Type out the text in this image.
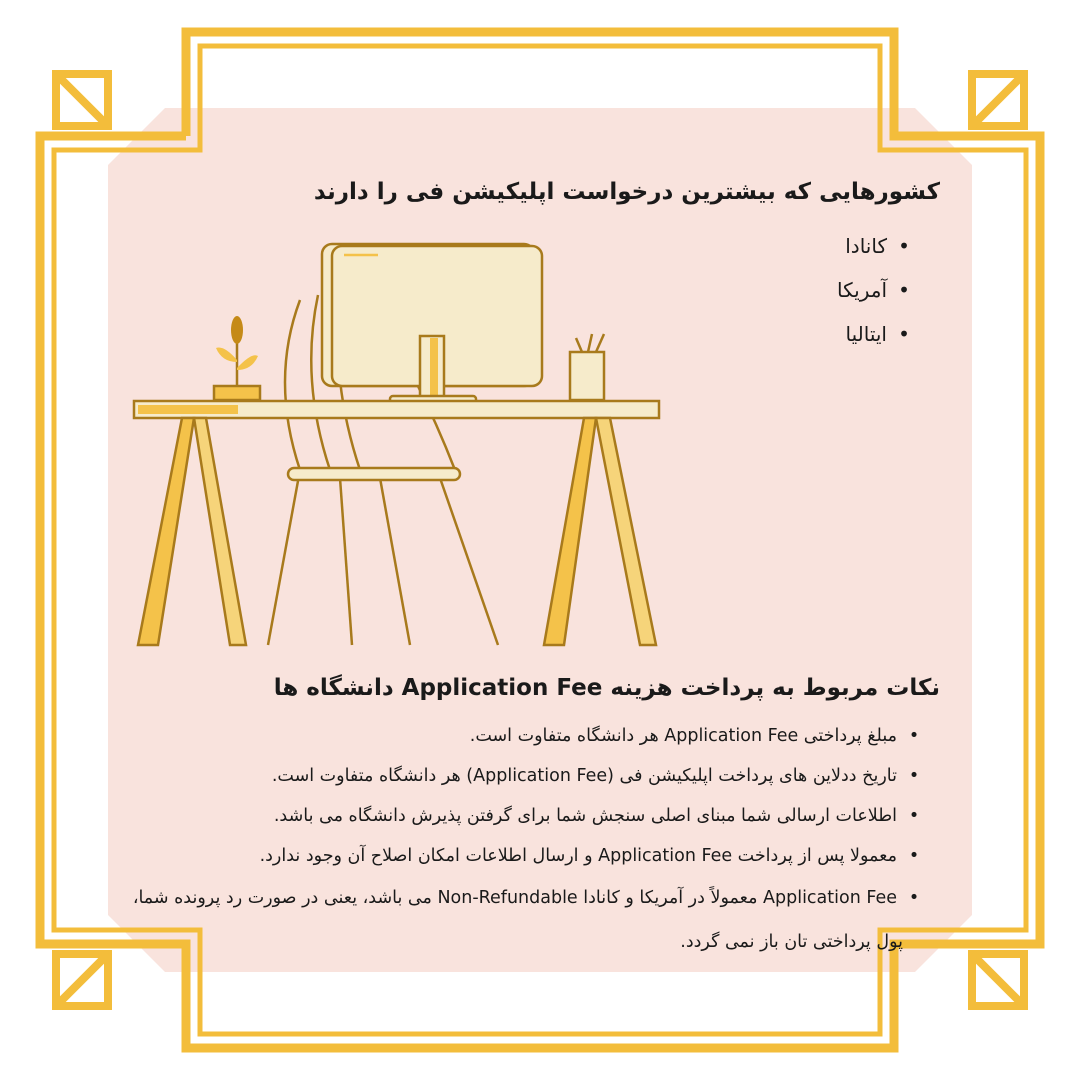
کشورهایی که بیشترین درخواست اپلیکیشن فی را دارند
• کانادا
• آمریکا
• ایتالیا
نکات مربوط به پرداخت هزینه Application Fee دانشگاه ها
• مبلغ پرداختی Application Fee هر دانشگاه متفاوت است.
• تاریخ ددلاین های پرداخت اپلیکیشن فی (Application Fee) هر دانشگاه متفاوت است.
• اطلاعات ارسالی شما مبنای اصلی سنجش شما برای گرفتن پذیرش دانشگاه می باشد.
• معمولا پس از پرداخت Application Fee و ارسال اطلاعات امکان اصلاح آن وجود ندارد.
• Application Fee معمولاً در آمریکا و کانادا Non-Refundable می باشد، یعنی در صورت رد پرونده شما، پول پرداختی تان باز نمی گردد.
